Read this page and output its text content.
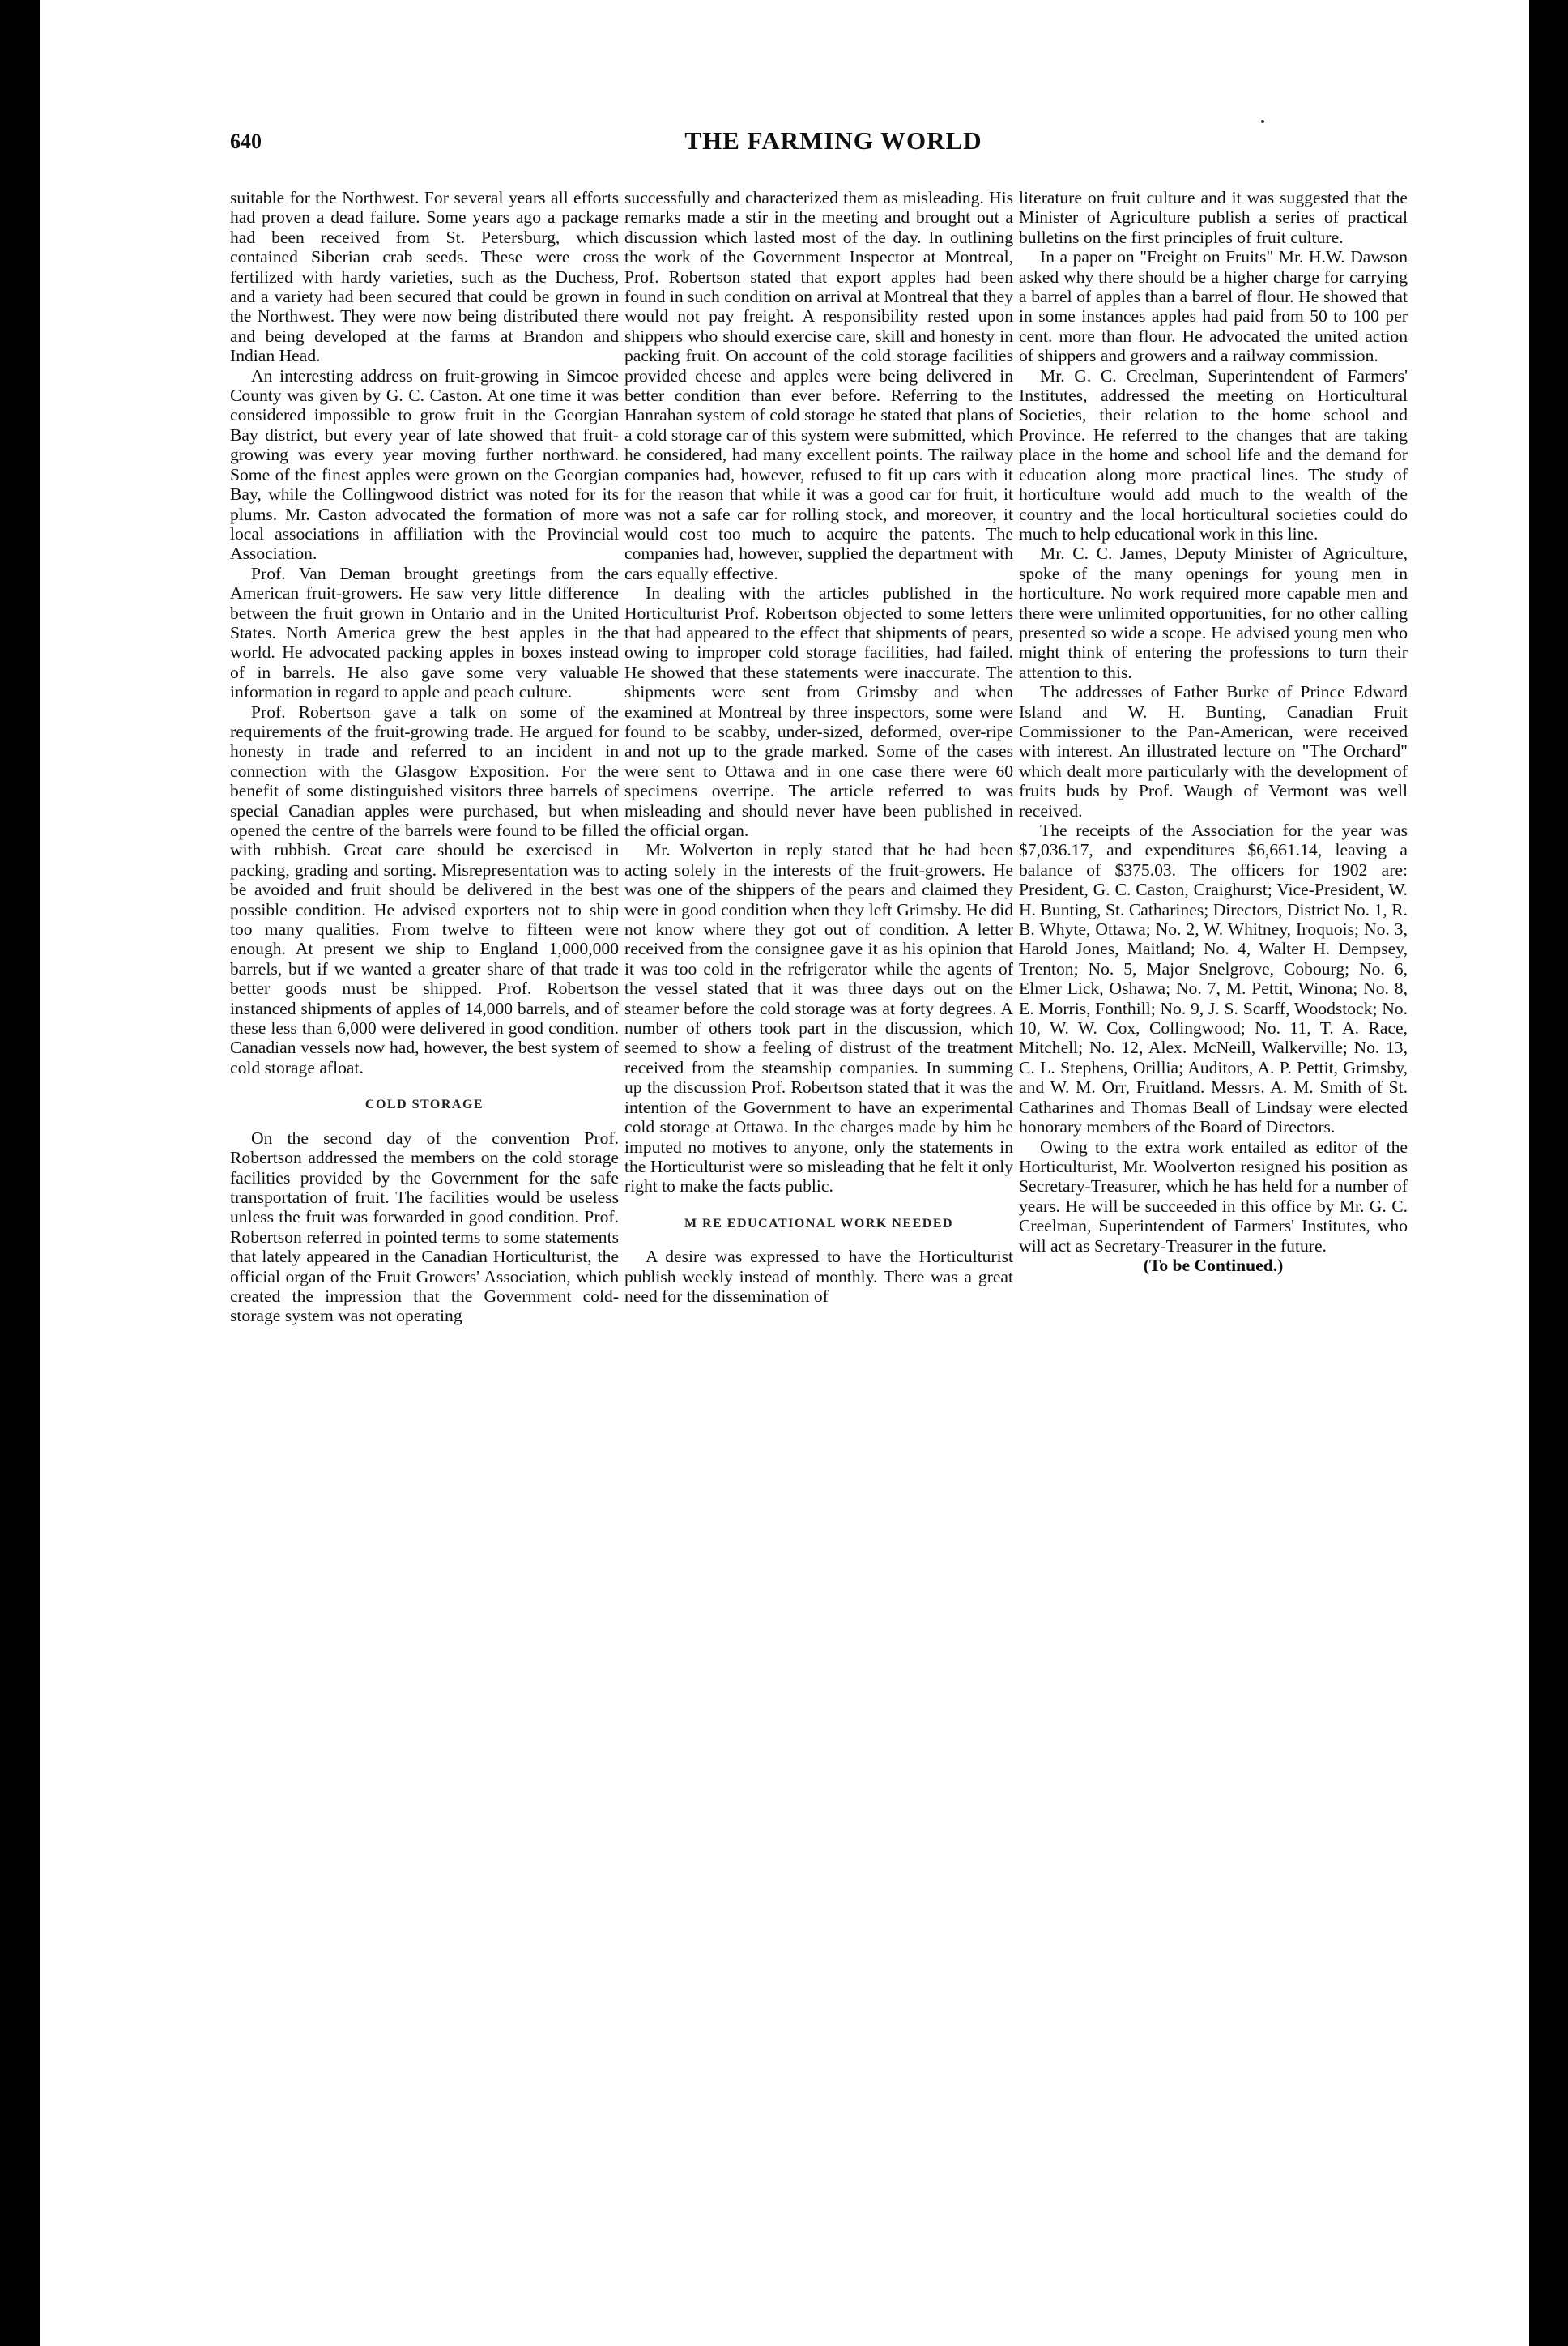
640	THE FARMING WORLD

suitable for the Northwest. For several years all efforts had proven a dead failure. Some years ago a package had been received from St. Petersburg, which contained Siberian crab seeds. These were cross fertilized with hardy varieties, such as the Duchess, and a variety had been secured that could be grown in the Northwest. They were now being distributed there and being developed at the farms at Brandon and Indian Head.

An interesting address on fruit-growing in Simcoe County was given by G. C. Caston. At one time it was considered impossible to grow fruit in the Georgian Bay district, but every year of late showed that fruit-growing was every year moving further northward. Some of the finest apples were grown on the Georgian Bay, while the Collingwood district was noted for its plums. Mr. Caston advocated the formation of more local associations in affiliation with the Provincial Association.

Prof. Van Deman brought greetings from the American fruit-growers. He saw very little difference between the fruit grown in Ontario and in the United States. North America grew the best apples in the world. He advocated packing apples in boxes instead of in barrels. He also gave some very valuable information in regard to apple and peach culture.

Prof. Robertson gave a talk on some of the requirements of the fruit-growing trade. He argued for honesty in trade and referred to an incident in connection with the Glasgow Exposition. For the benefit of some distinguished visitors three barrels of special Canadian apples were purchased, but when opened the centre of the barrels were found to be filled with rubbish. Great care should be exercised in packing, grading and sorting. Misrepresentation was to be avoided and fruit should be delivered in the best possible condition. He advised exporters not to ship too many qualities. From twelve to fifteen were enough. At present we ship to England 1,000,000 barrels, but if we wanted a greater share of that trade better goods must be shipped. Prof. Robertson instanced shipments of apples of 14,000 barrels, and of these less than 6,000 were delivered in good condition. Canadian vessels now had, however, the best system of cold storage afloat.

COLD STORAGE

On the second day of the convention Prof. Robertson addressed the members on the cold storage facilities provided by the Government for the safe transportation of fruit. The facilities would be useless unless the fruit was forwarded in good condition. Prof. Robertson referred in pointed terms to some statements that lately appeared in the Canadian Horticulturist, the official organ of the Fruit Growers' Association, which created the impression that the Government cold-storage system was not operating

successfully and characterized them as misleading. His remarks made a stir in the meeting and brought out a discussion which lasted most of the day. In outlining the work of the Government Inspector at Montreal, Prof. Robertson stated that export apples had been found in such condition on arrival at Montreal that they would not pay freight. A responsibility rested upon shippers who should exercise care, skill and honesty in packing fruit. On account of the cold storage facilities provided cheese and apples were being delivered in better condition than ever before. Referring to the Hanrahan system of cold storage he stated that plans of a cold storage car of this system were submitted, which he considered, had many excellent points. The railway companies had, however, refused to fit up cars with it for the reason that while it was a good car for fruit, it was not a safe car for rolling stock, and moreover, it would cost too much to acquire the patents. The companies had, however, supplied the department with cars equally effective.

In dealing with the articles published in the Horticulturist Prof. Robertson objected to some letters that had appeared to the effect that shipments of pears, owing to improper cold storage facilities, had failed. He showed that these statements were inaccurate. The shipments were sent from Grimsby and when examined at Montreal by three inspectors, some were found to be scabby, under-sized, deformed, over-ripe and not up to the grade marked. Some of the cases were sent to Ottawa and in one case there were 60 specimens overripe. The article referred to was misleading and should never have been published in the official organ.

Mr. Wolverton in reply stated that he had been acting solely in the interests of the fruit-growers. He was one of the shippers of the pears and claimed they were in good condition when they left Grimsby. He did not know where they got out of condition. A letter received from the consignee gave it as his opinion that it was too cold in the refrigerator while the agents of the vessel stated that it was three days out on the steamer before the cold storage was at forty degrees. A number of others took part in the discussion, which seemed to show a feeling of distrust of the treatment received from the steamship companies. In summing up the discussion Prof. Robertson stated that it was the intention of the Government to have an experimental cold storage at Ottawa. In the charges made by him he imputed no motives to anyone, only the statements in the Horticulturist were so misleading that he felt it only right to make the facts public.

M RE EDUCATIONAL WORK NEEDED

A desire was expressed to have the Horticulturist publish weekly instead of monthly. There was a great need for the dissemination of

literature on fruit culture and it was suggested that the Minister of Agriculture publish a series of practical bulletins on the first principles of fruit culture.

In a paper on "Freight on Fruits" Mr. H.W. Dawson asked why there should be a higher charge for carrying a barrel of apples than a barrel of flour. He showed that in some instances apples had paid from 50 to 100 per cent. more than flour. He advocated the united action of shippers and growers and a railway commission.

Mr. G. C. Creelman, Superintendent of Farmers' Institutes, addressed the meeting on Horticultural Societies, their relation to the home school and Province. He referred to the changes that are taking place in the home and school life and the demand for education along more practical lines. The study of horticulture would add much to the wealth of the country and the local horticultural societies could do much to help educational work in this line.

Mr. C. C. James, Deputy Minister of Agriculture, spoke of the many openings for young men in horticulture. No work required more capable men and there were unlimited opportunities, for no other calling presented so wide a scope. He advised young men who might think of entering the professions to turn their attention to this.

The addresses of Father Burke of Prince Edward Island and W. H. Bunting, Canadian Fruit Commissioner to the Pan-American, were received with interest. An illustrated lecture on "The Orchard" which dealt more particularly with the development of fruits buds by Prof. Waugh of Vermont was well received.

The receipts of the Association for the year was $7,036.17, and expenditures $6,661.14, leaving a balance of $375.03. The officers for 1902 are: President, G. C. Caston, Craighurst; Vice-President, W. H. Bunting, St. Catharines; Directors, District No. 1, R. B. Whyte, Ottawa; No. 2, W. Whitney, Iroquois; No. 3, Harold Jones, Maitland; No. 4, Walter H. Dempsey, Trenton; No. 5, Major Snelgrove, Cobourg; No. 6, Elmer Lick, Oshawa; No. 7, M. Pettit, Winona; No. 8, E. Morris, Fonthill; No. 9, J. S. Scarff, Woodstock; No. 10, W. W. Cox, Collingwood; No. 11, T. A. Race, Mitchell; No. 12, Alex. McNeill, Walkerville; No. 13, C. L. Stephens, Orillia; Auditors, A. P. Pettit, Grimsby, and W. M. Orr, Fruitland. Messrs. A. M. Smith of St. Catharines and Thomas Beall of Lindsay were elected honorary members of the Board of Directors.

Owing to the extra work entailed as editor of the Horticulturist, Mr. Woolverton resigned his position as Secretary-Treasurer, which he has held for a number of years. He will be succeeded in this office by Mr. G. C. Creelman, Superintendent of Farmers' Institutes, who will act as Secretary-Treasurer in the future.

(To be Continued.)
